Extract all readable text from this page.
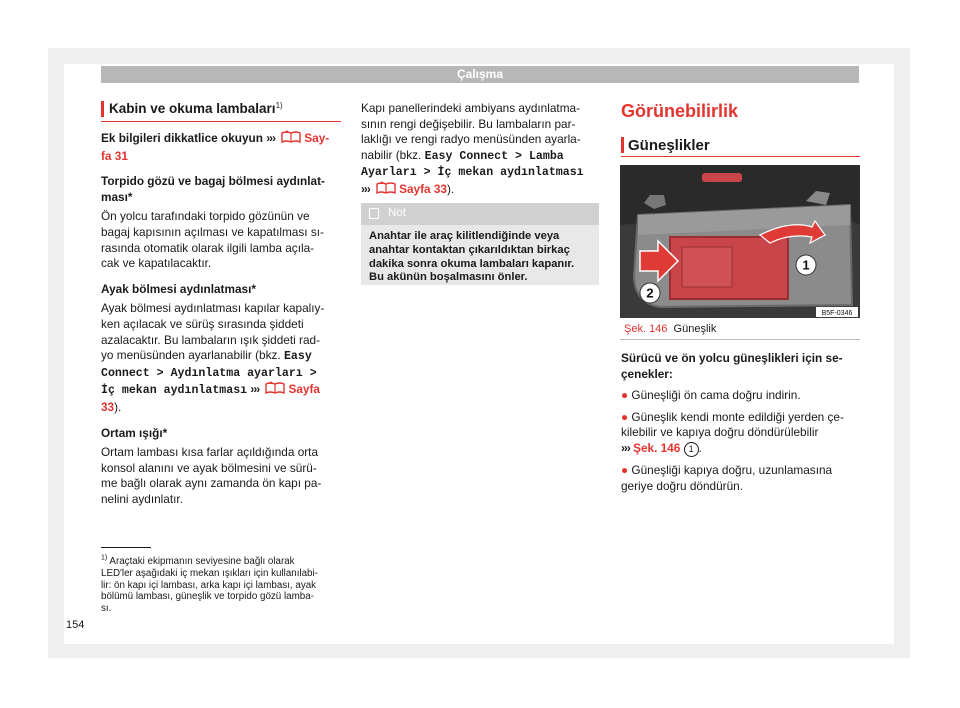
Çalışma
Kabin ve okuma lambaları$^{1)}$

Ek bilgileri dikkatlice okuyun ››› Say-

fa 31

Torpido gözü ve bagaj bölmesi aydınlat-

ması*

Ön yolcu tarafındaki torpido gözünün ve

bagaj kapısının açılması ve kapatılması sı-

rasında otomatik olarak ilgili lamba açıla-

cak ve kapatılacaktır.

Ayak bölmesi aydınlatması*

Ayak bölmesi aydınlatması kapılar kapalıy-

ken açılacak ve sürüş sırasında şiddeti

azalacaktır. Bu lambaların ışık şiddeti rad-

yo menüsünden ayarlanabilir (bkz. Easy

Connect > Aydınlatma ayarları >

İç mekan aydınlatması ››› Sayfa

33).

Ortam ışığı*

Ortam lambası kısa farlar açıldığında orta

konsol alanını ve ayak bölmesini ve sürü-

me bağlı olarak aynı zamanda ön kapı pa-

nelini aydınlatır.

Kapı panellerindeki ambiyans aydınlatma-

sının rengi değişebilir. Bu lambaların par-

laklığı ve rengi radyo menüsünden ayarla-

nabilir (bkz. Easy Connect > Lamba

Ayarları > İç mekan aydınlatması

››› Sayfa 33).

Not
Anahtar ile araç kilitlendiğinde veya
anahtar kontaktan çıkarıldıktan birkaç
dakika sonra okuma lambaları kapanır.
Bu akünün boşalmasını önler.
Görünebilirlik
Güneşlikler
1
2
B5F-0346
Şek. 146 Güneşlik

Sürücü ve ön yolcu güneşlikleri için se-

çenekler:

● Güneşliği ön cama doğru indirin.

● Güneşlik kendi monte edildiği yerden çe-

kilebilir ve kapıya doğru döndürülebilir

››› Şek. 146 1 .

● Güneşliği kapıya doğru, uzunlamasına

geriye doğru döndürün.

$^{1)}$ Araçtaki ekipmanın seviyesine bağlı olarak
LED'ler aşağıdaki iç mekan ışıkları için kullanılabi-
lir: ön kapı içi lambası, arka kapı içi lambası, ayak
bölümü lambası, güneşlik ve torpido gözü lamba-
sı.
154
